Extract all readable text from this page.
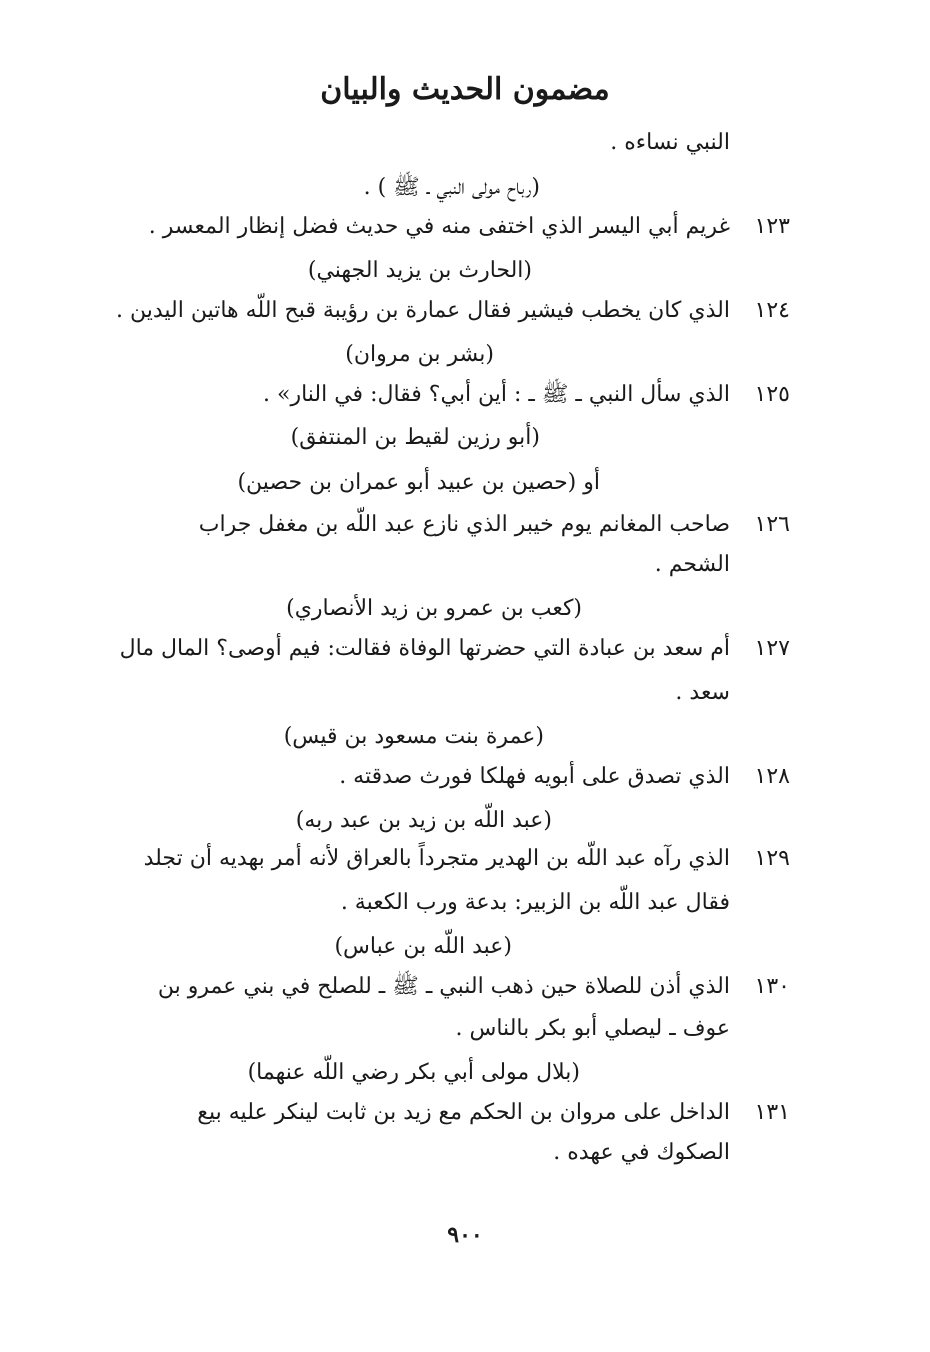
مضمون الحديث والبيان
النبي نساءه .
(رباح مولى النبي ـ ﷺ ) .
١٢٣
غريم أبي اليسر الذي اختفى منه في حديث فضل إنظار المعسر .
(الحارث بن يزيد الجهني)
١٢٤
الذي كان يخطب فيشير فقال عمارة بن رؤيبة قبح اللّه هاتين اليدين .
(بشر بن مروان)
١٢٥
الذي سأل النبي ـ ﷺ ـ : أين أبي؟ فقال: في النار» .
(أبو رزين لقيط بن المنتفق)
أو (حصين بن عبيد أبو عمران بن حصين)
١٢٦
صاحب المغانم يوم خيبر الذي نازع عبد اللّه بن مغفل جراب
الشحم .
(كعب بن عمرو بن زيد الأنصاري)
١٢٧
أم سعد بن عبادة التي حضرتها الوفاة فقالت: فيم أوصى؟ المال مال
سعد .
(عمرة بنت مسعود بن قيس)
١٢٨
الذي تصدق على أبويه فهلكا فورث صدقته .
(عبد اللّه بن زيد بن عبد ربه)
١٢٩
الذي رآه عبد اللّه بن الهدير متجرداً بالعراق لأنه أمر بهديه أن تجلد
فقال عبد اللّه بن الزبير: بدعة ورب الكعبة .
(عبد اللّه بن عباس)
١٣٠
الذي أذن للصلاة حين ذهب النبي ـ ﷺ ـ للصلح في بني عمرو بن
عوف ـ ليصلي أبو بكر بالناس .
(بلال مولى أبي بكر رضي اللّه عنهما)
١٣١
الداخل على مروان بن الحكم مع زيد بن ثابت لينكر عليه بيع
الصكوك في عهده .
٩٠٠
